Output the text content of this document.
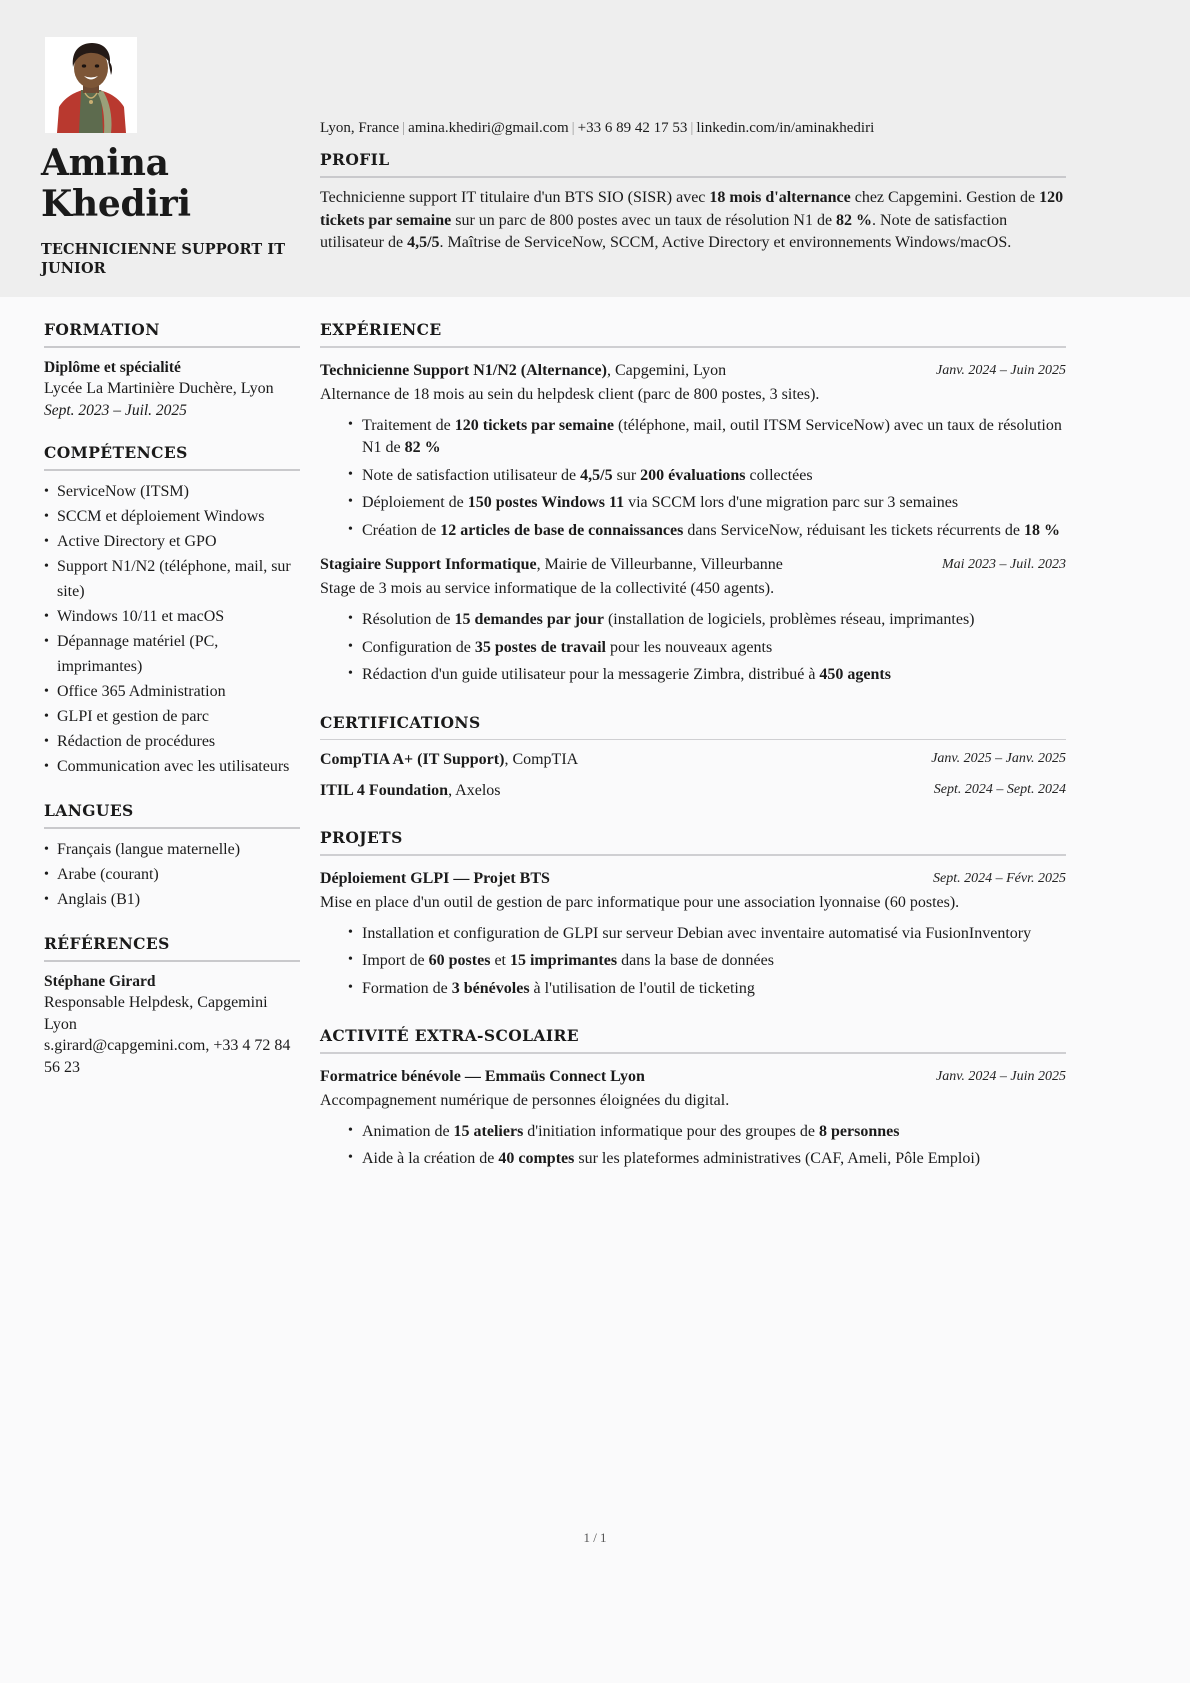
Amina
Khediri
TECHNICIENNE SUPPORT IT JUNIOR
Lyon, France | amina.khediri@gmail.com | +33 6 89 42 17 53 | linkedin.com/in/aminakhediri
PROFIL
Technicienne support IT titulaire d'un BTS SIO (SISR) avec 18 mois d'alternance chez Capgemini. Gestion de 120 tickets par semaine sur un parc de 800 postes avec un taux de résolution N1 de 82 %. Note de satisfaction utilisateur de 4,5/5. Maîtrise de ServiceNow, SCCM, Active Directory et environnements Windows/macOS.
FORMATION
Diplôme et spécialité
Lycée La Martinière Duchère, Lyon
Sept. 2023 – Juil. 2025
COMPÉTENCES
• ServiceNow (ITSM)
• SCCM et déploiement Windows
• Active Directory et GPO
• Support N1/N2 (téléphone, mail, sur site)
• Windows 10/11 et macOS
• Dépannage matériel (PC, imprimantes)
• Office 365 Administration
• GLPI et gestion de parc
• Rédaction de procédures
• Communication avec les utilisateurs
LANGUES
• Français (langue maternelle)
• Arabe (courant)
• Anglais (B1)
RÉFÉRENCES
Stéphane Girard
Responsable Helpdesk, Capgemini Lyon
s.girard@capgemini.com, +33 4 72 84 56 23
EXPÉRIENCE
Technicienne Support N1/N2 (Alternance), Capgemini, Lyon	Janv. 2024 – Juin 2025
Alternance de 18 mois au sein du helpdesk client (parc de 800 postes, 3 sites).
• Traitement de 120 tickets par semaine (téléphone, mail, outil ITSM ServiceNow) avec un taux de résolution N1 de 82 %
• Note de satisfaction utilisateur de 4,5/5 sur 200 évaluations collectées
• Déploiement de 150 postes Windows 11 via SCCM lors d'une migration parc sur 3 semaines
• Création de 12 articles de base de connaissances dans ServiceNow, réduisant les tickets récurrents de 18 %
Stagiaire Support Informatique, Mairie de Villeurbanne, Villeurbanne	Mai 2023 – Juil. 2023
Stage de 3 mois au service informatique de la collectivité (450 agents).
• Résolution de 15 demandes par jour (installation de logiciels, problèmes réseau, imprimantes)
• Configuration de 35 postes de travail pour les nouveaux agents
• Rédaction d'un guide utilisateur pour la messagerie Zimbra, distribué à 450 agents
CERTIFICATIONS
CompTIA A+ (IT Support), CompTIA	Janv. 2025 – Janv. 2025
ITIL 4 Foundation, Axelos	Sept. 2024 – Sept. 2024
PROJETS
Déploiement GLPI — Projet BTS	Sept. 2024 – Févr. 2025
Mise en place d'un outil de gestion de parc informatique pour une association lyonnaise (60 postes).
• Installation et configuration de GLPI sur serveur Debian avec inventaire automatisé via FusionInventory
• Import de 60 postes et 15 imprimantes dans la base de données
• Formation de 3 bénévoles à l'utilisation de l'outil de ticketing
ACTIVITÉ EXTRA-SCOLAIRE
Formatrice bénévole — Emmaüs Connect Lyon	Janv. 2024 – Juin 2025
Accompagnement numérique de personnes éloignées du digital.
• Animation de 15 ateliers d'initiation informatique pour des groupes de 8 personnes
• Aide à la création de 40 comptes sur les plateformes administratives (CAF, Ameli, Pôle Emploi)
1 / 1
